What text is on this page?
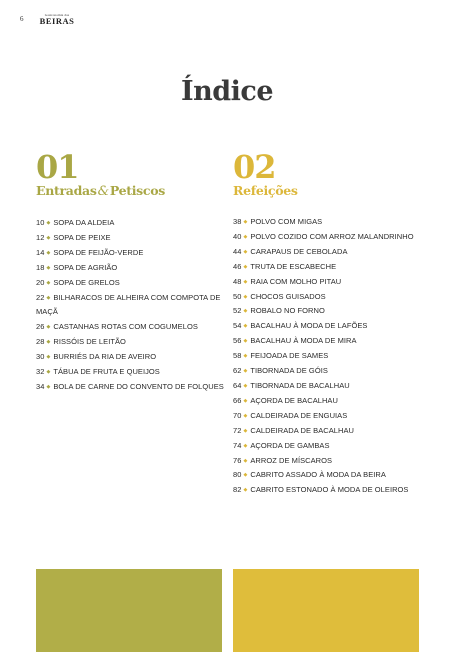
6	Gastronomia das
BEIRAS
Índice
01
Entradas&Petiscos
10 ◆ SOPA DA ALDEIA
12 ◆ SOPA DE PEIXE
14 ◆ SOPA DE FEIJÃO-VERDE
18 ◆ SOPA DE AGRIÃO
20 ◆ SOPA DE GRELOS
22 ◆ BILHARACOS DE ALHEIRA COM COMPOTA DE MAÇÃ
26 ◆ CASTANHAS ROTAS COM COGUMELOS
28 ◆ RISSÓIS DE LEITÃO
30 ◆ BURRIÉS DA RIA DE AVEIRO
32 ◆ TÁBUA DE FRUTA E QUEIJOS
34 ◆ BOLA DE CARNE DO CONVENTO DE FOLQUES
02
Refeições
38 ◆ POLVO COM MIGAS
40 ◆ POLVO COZIDO COM ARROZ MALANDRINHO
44 ◆ CARAPAUS DE CEBOLADA
46 ◆ TRUTA DE ESCABECHE
48 ◆ RAIA COM MOLHO PITAU
50 ◆ CHOCOS GUISADOS
52 ◆ ROBALO NO FORNO
54 ◆ BACALHAU À MODA DE LAFÕES
56 ◆ BACALHAU À MODA DE MIRA
58 ◆ FEIJOADA DE SAMES
62 ◆ TIBORNADA DE GÓIS
64 ◆ TIBORNADA DE BACALHAU
66 ◆ AÇORDA DE BACALHAU
70 ◆ CALDEIRADA DE ENGUIAS
72 ◆ CALDEIRADA DE BACALHAU
74 ◆ AÇORDA DE GAMBAS
76 ◆ ARROZ DE MÍSCAROS
80 ◆ CABRITO ASSADO À MODA DA BEIRA
82 ◆ CABRITO ESTONADO À MODA DE OLEIROS
